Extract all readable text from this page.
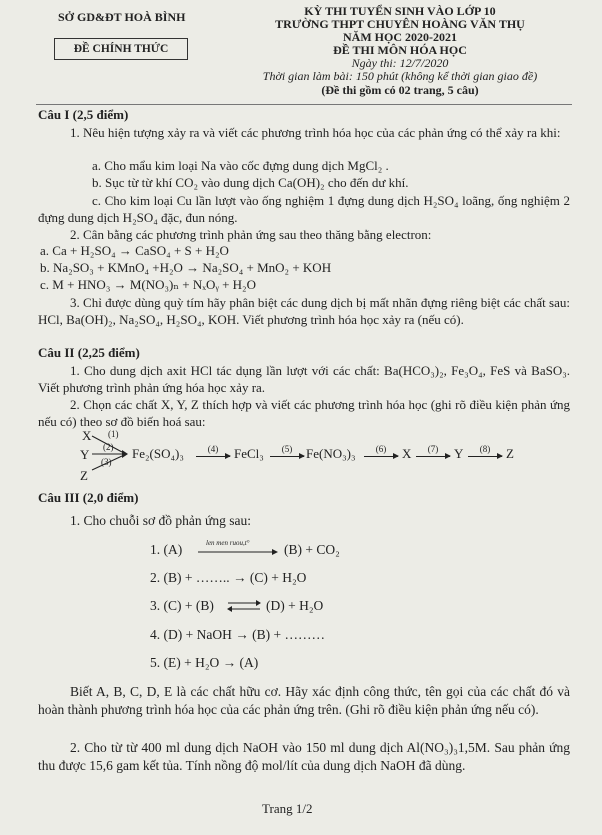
SỞ GD&ĐT HOÀ BÌNH
ĐỀ CHÍNH THỨC
KỲ THI TUYỂN SINH VÀO LỚP 10
TRƯỜNG THPT CHUYÊN HOÀNG VĂN THỤ
NĂM HỌC 2020-2021
ĐỀ THI MÔN HÓA HỌC
Ngày thi: 12/7/2020
Thời gian làm bài: 150 phút (không kể thời gian giao đề)
(Đề thi gồm có 02 trang, 5 câu)
Câu I (2,5 điểm)
1. Nêu hiện tượng xảy ra và viết các phương trình hóa học của các phản ứng có thể xảy ra khi:
a. Cho mẩu kim loại Na vào cốc đựng dung dịch MgCl₂ .
b. Sục từ từ khí CO₂ vào dung dịch Ca(OH)₂ cho đến dư khí.
c. Cho kim loại Cu lần lượt vào ống nghiệm 1 đựng dung dịch H₂SO₄ loãng, ống nghiệm 2 đựng dung dịch H₂SO₄ đặc, đun nóng.
2. Cân bằng các phương trình phản ứng sau theo thăng bằng electron:
a. Ca + H₂SO₄ → CaSO₄ + S + H₂O
b. Na₂SO₃ + KMnO₄ +H₂O → Na₂SO₄ + MnO₂ + KOH
c. M + HNO₃ → M(NO₃)ₙ + NₓOᵧ + H₂O
3. Chỉ được dùng quỳ tím hãy phân biệt các dung dịch bị mất nhãn đựng riêng biệt các chất sau: HCl, Ba(OH)₂, Na₂SO₄, H₂SO₄, KOH. Viết phương trình hóa học xảy ra (nếu có).
Câu II (2,25 điểm)
1. Cho dung dịch axit HCl tác dụng lần lượt với các chất: Ba(HCO₃)₂, Fe₃O₄, FeS và BaSO₃. Viết phương trình phản ứng hóa học xảy ra.
2. Chọn các chất X, Y, Z thích hợp và viết các phương trình hóa học (ghi rõ điều kiện phản ứng nếu có) theo sơ đồ biến hoá sau:
X
Y
Z
(1)
(2)
(3)
Fe₂(SO₄)₃	(4)	FeCl₃	(5)	Fe(NO₃)₃	(6)	X	(7)	Y	(8)	Z
Câu III (2,0 điểm)
1. Cho chuỗi sơ đồ phản ứng sau:
1. (A)	len men ruou,t°	(B) + CO₂
2. (B) + …….. → (C) + H₂O
3. (C) + (B)	(D) + H₂O
4. (D) + NaOH → (B) + ………
5. (E) + H₂O → (A)
Biết A, B, C, D, E là các chất hữu cơ. Hãy xác định công thức, tên gọi của các chất đó và hoàn thành phương trình hóa học của các phản ứng trên. (Ghi rõ điều kiện phản ứng nếu có).
2. Cho từ từ 400 ml dung dịch NaOH vào 150 ml dung dịch Al(NO₃)₃1,5M. Sau phản ứng thu được 15,6 gam kết tủa. Tính nồng độ mol/lít của dung dịch NaOH đã dùng.
Trang 1/2
